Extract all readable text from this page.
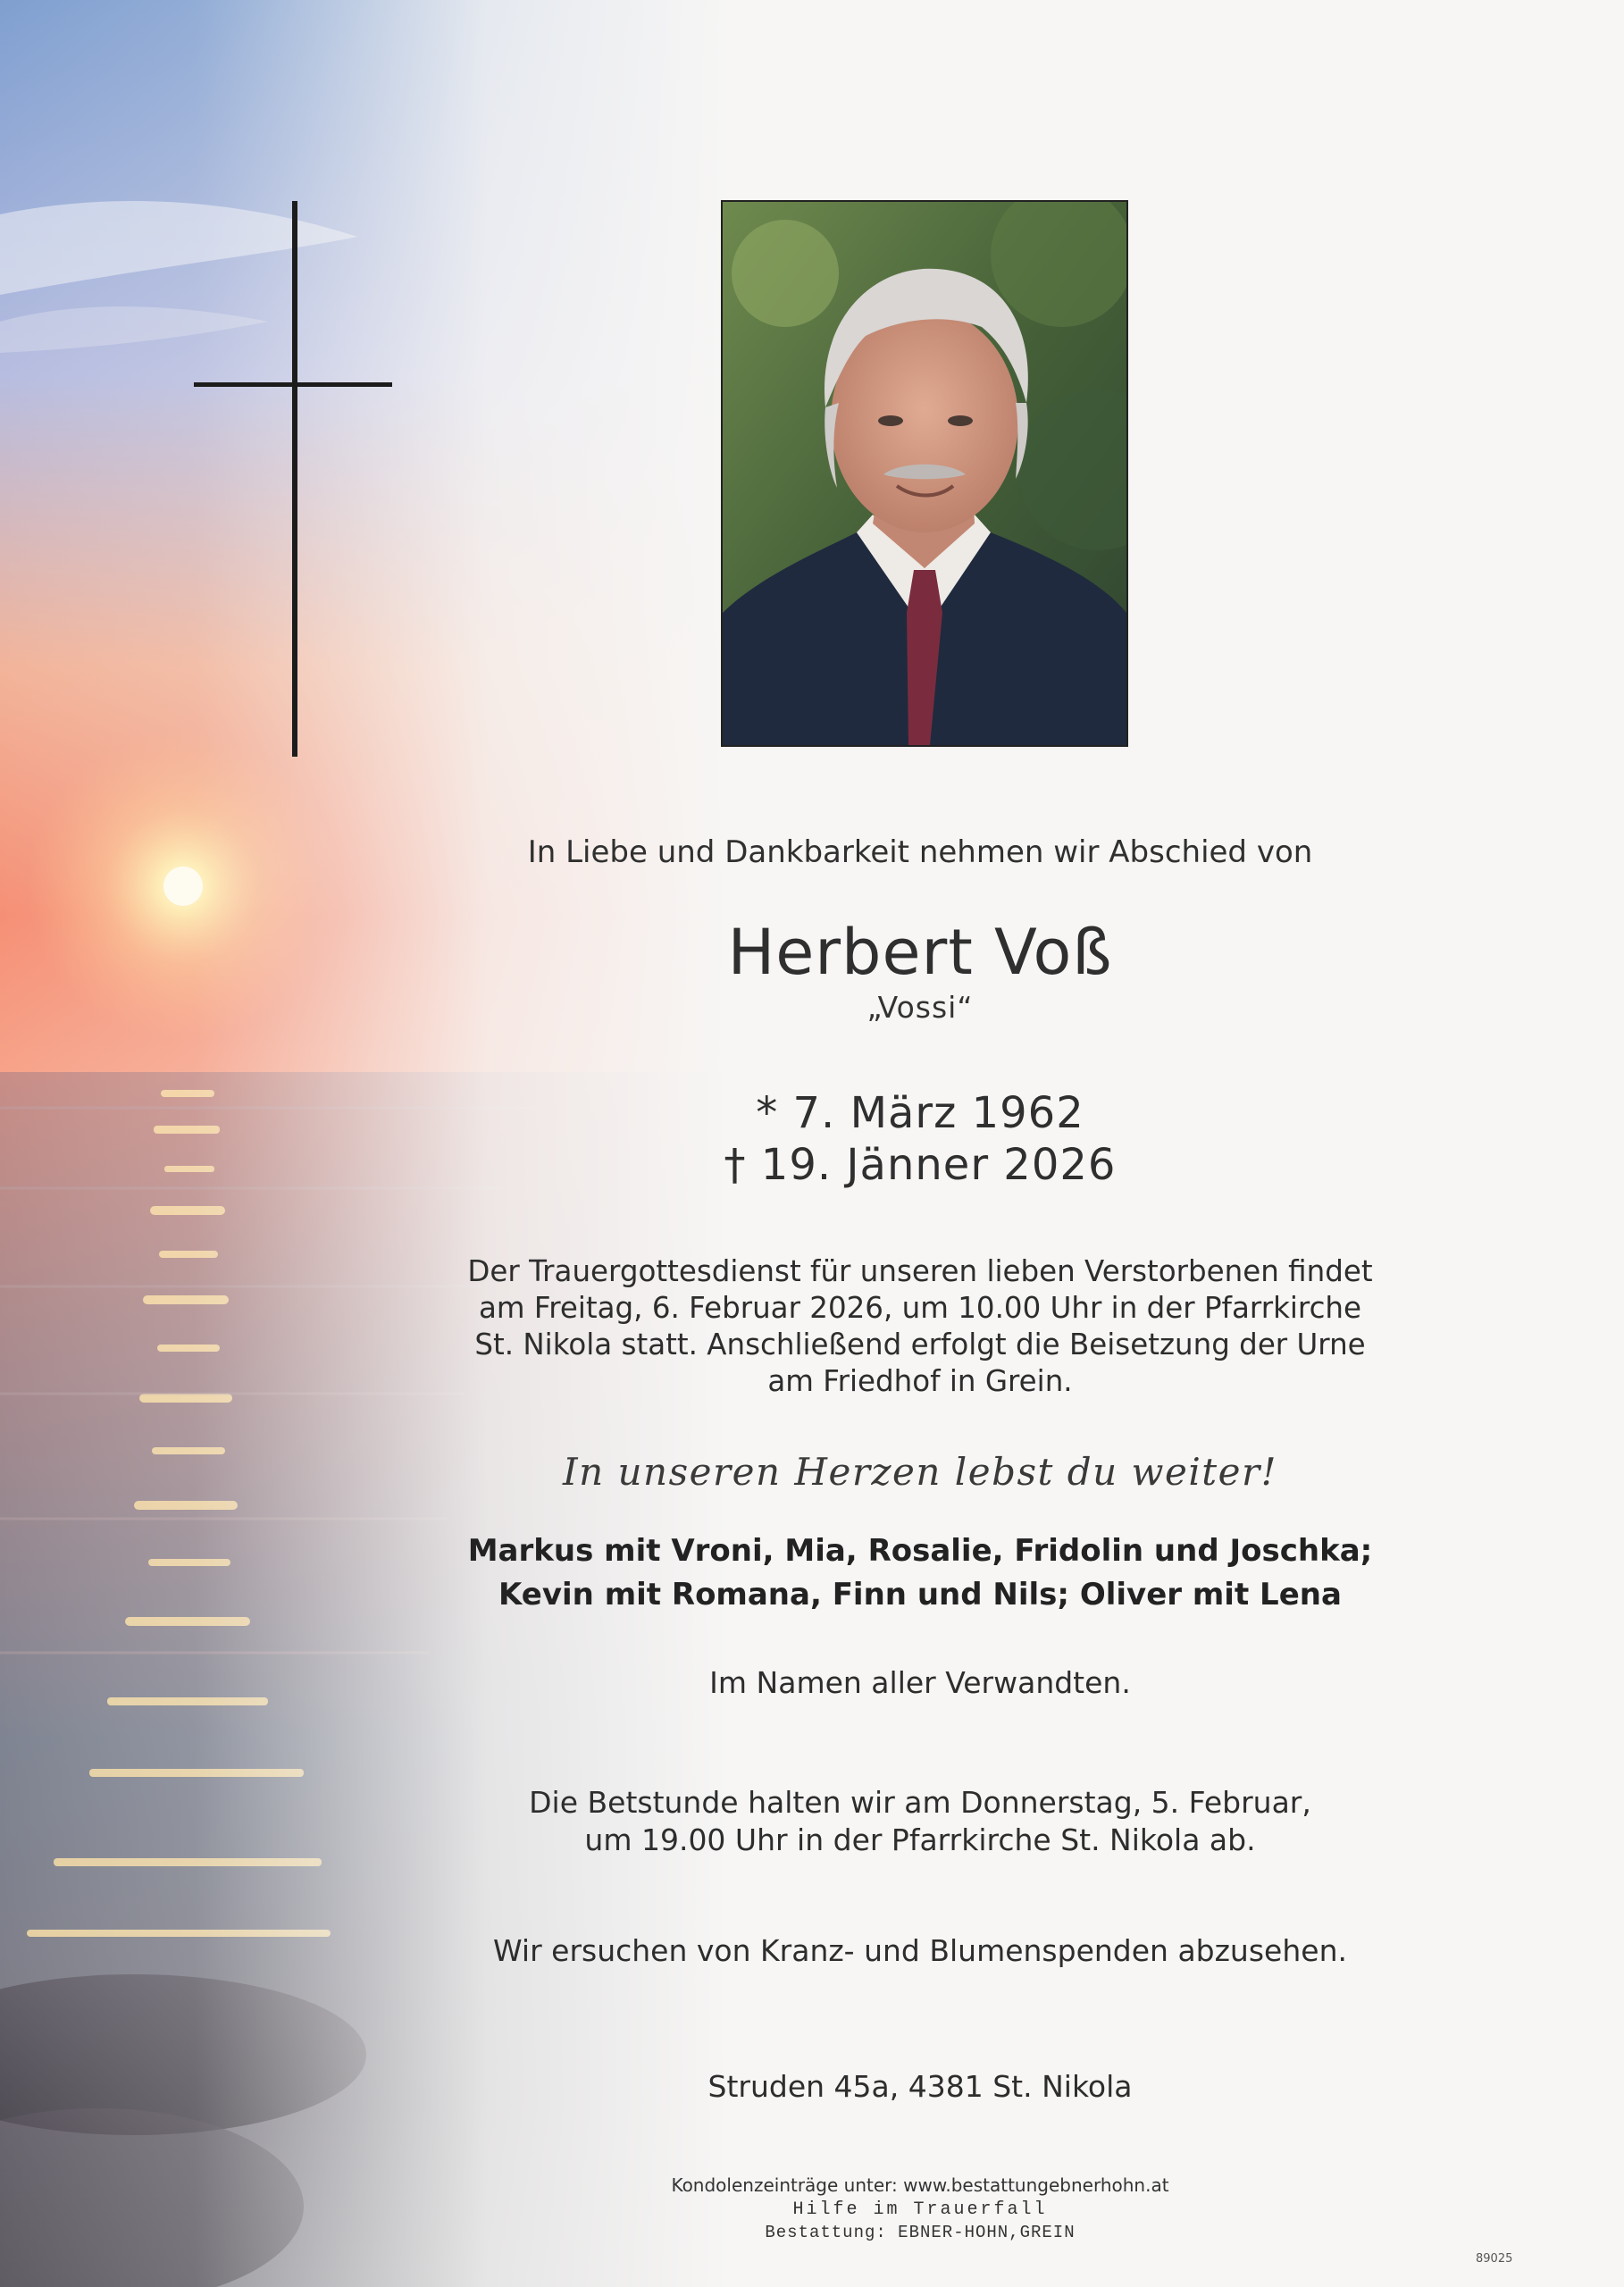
In Liebe und Dankbarkeit nehmen wir Abschied von
Herbert Voß
„Vossi“
* 7. März 1962
† 19. Jänner 2026
Der Trauergottesdienst für unseren lieben Verstorbenen findet
am Freitag, 6. Februar 2026, um 10.00 Uhr in der Pfarrkirche
St. Nikola statt. Anschließend erfolgt die Beisetzung der Urne
am Friedhof in Grein.
In unseren Herzen lebst du weiter!
Markus mit Vroni, Mia, Rosalie, Fridolin und Joschka;
Kevin mit Romana, Finn und Nils; Oliver mit Lena
Im Namen aller Verwandten.
Die Betstunde halten wir am Donnerstag, 5. Februar,
um 19.00 Uhr in der Pfarrkirche St. Nikola ab.
Wir ersuchen von Kranz- und Blumenspenden abzusehen.
Struden 45a, 4381 St. Nikola
Kondolenzeinträge unter: www.bestattungebnerhohn.at
Hilfe im Trauerfall
Bestattung: EBNER-HOHN,GREIN
89025
